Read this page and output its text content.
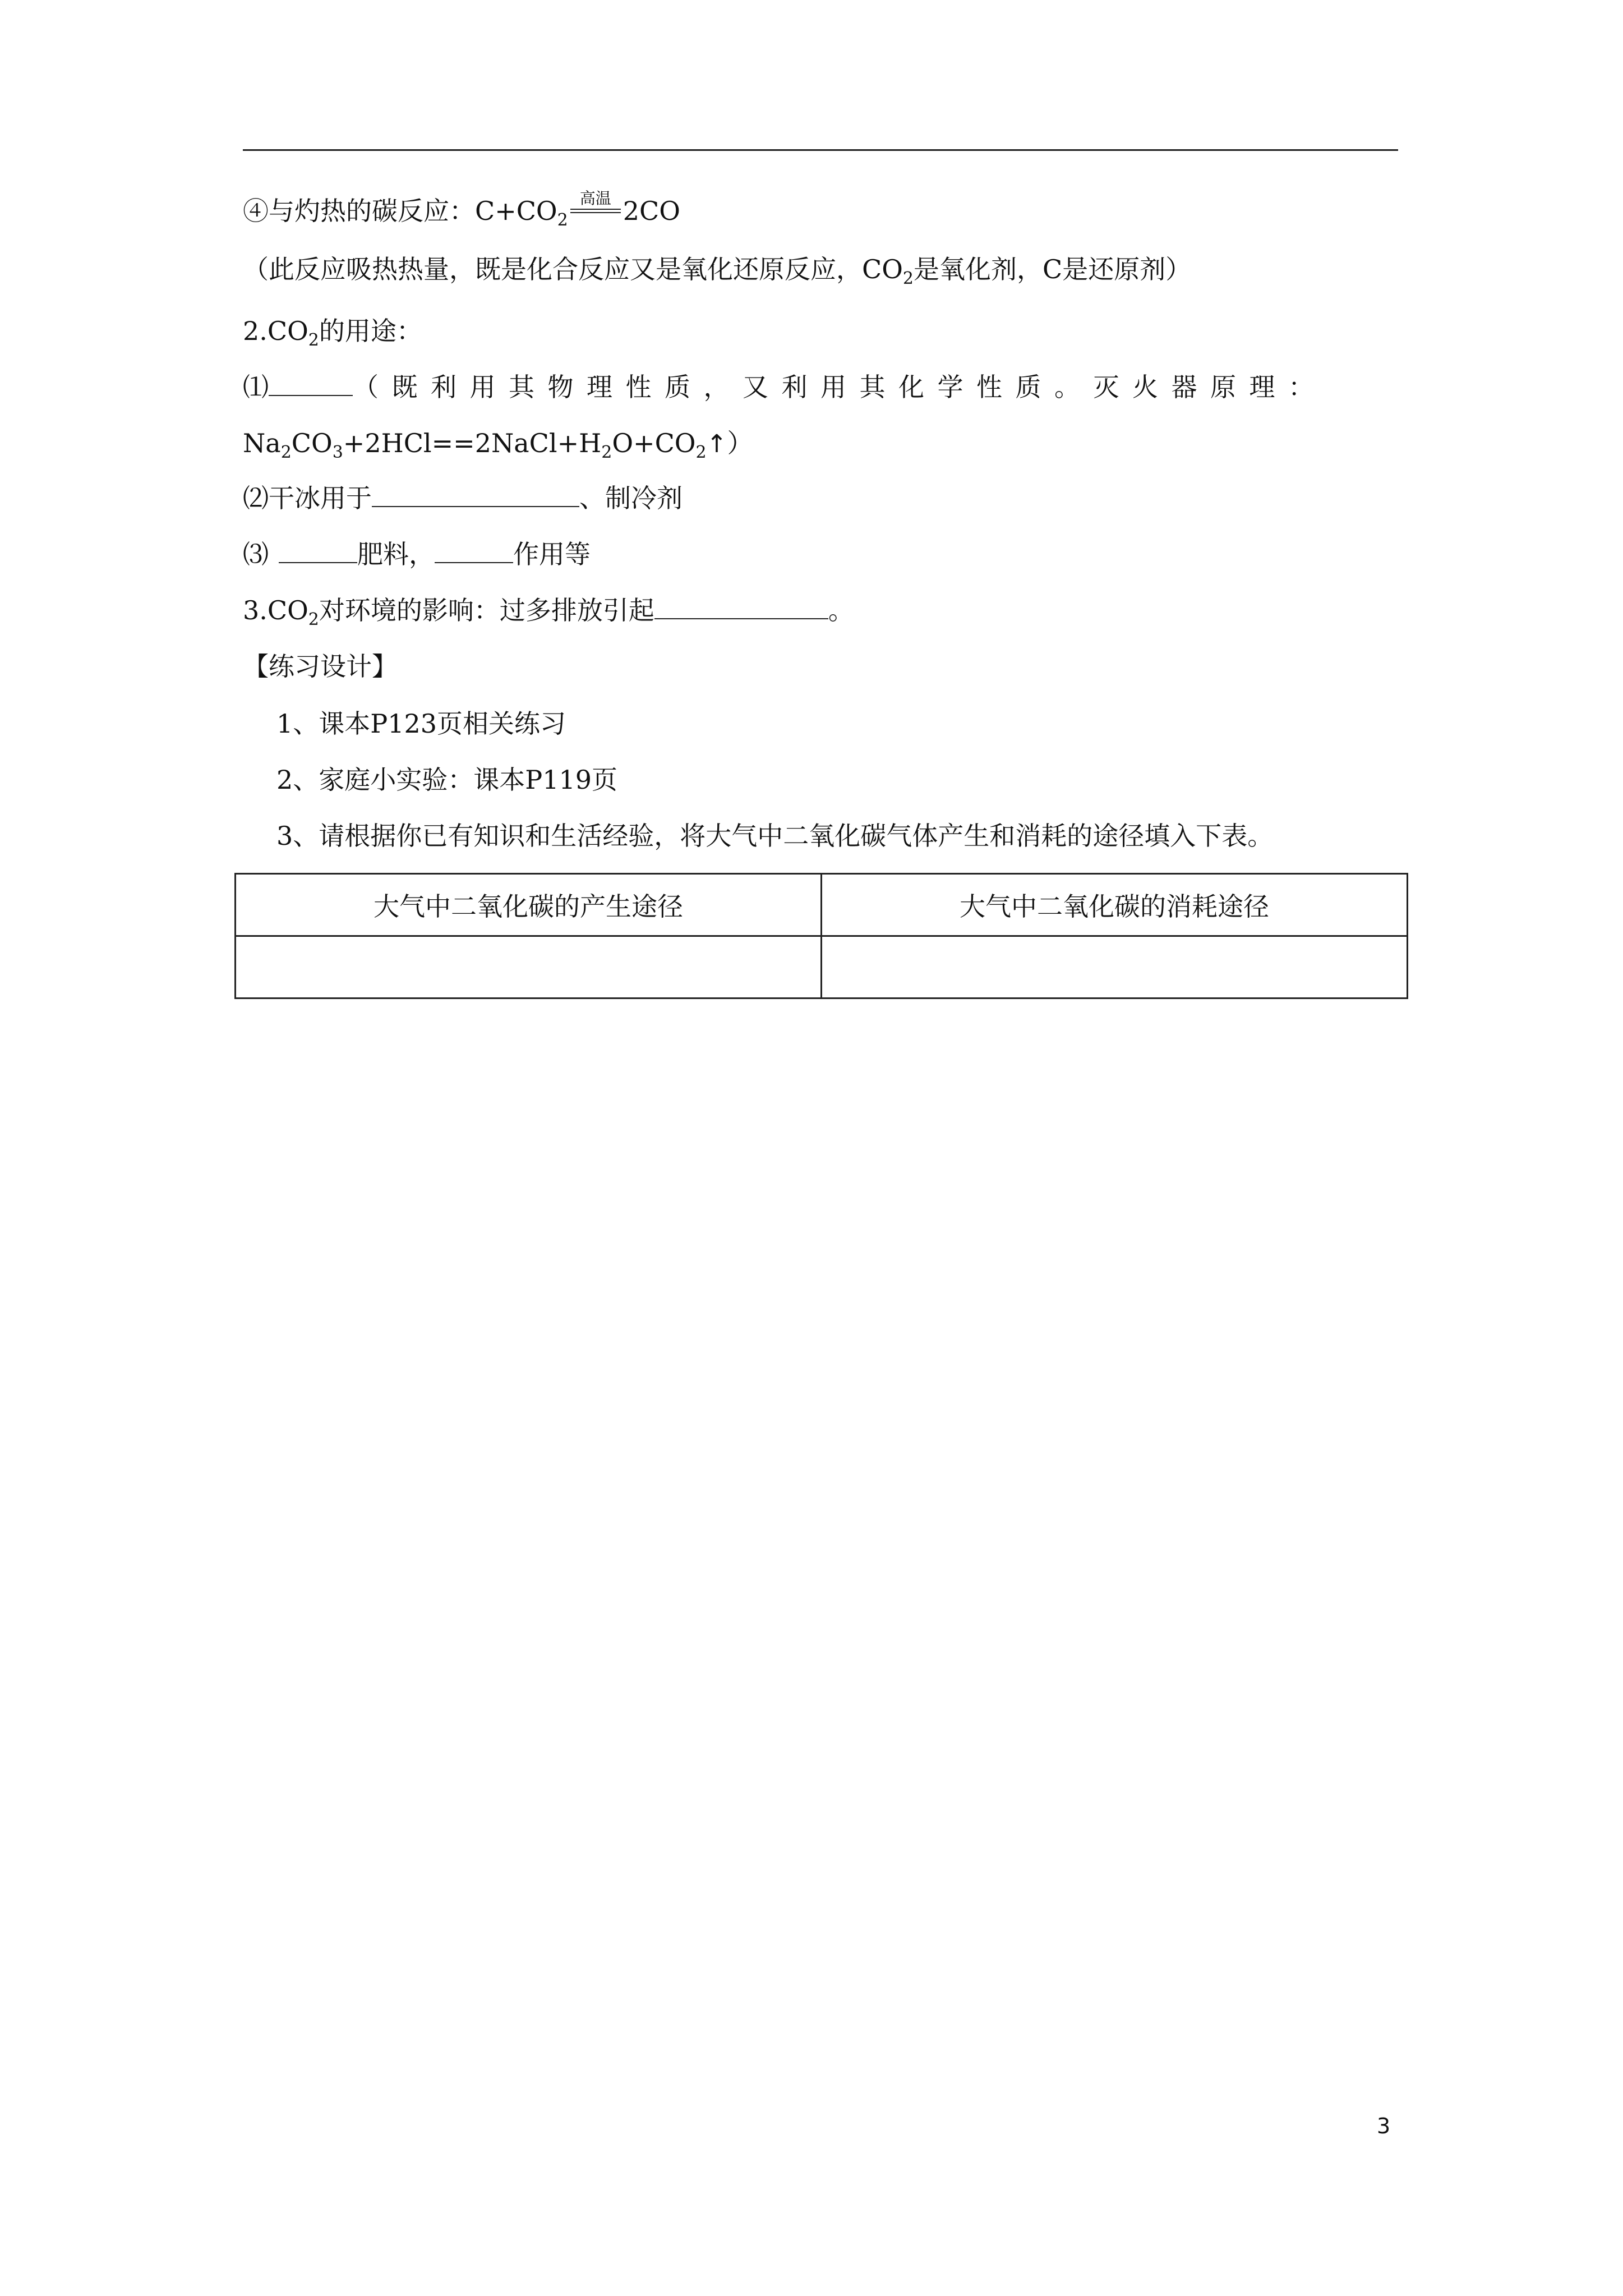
④与灼热的碳反应：$C+CO_2$
高温 2CO
（此反应吸热热量，既是化合反应又是氧化还原反应，$CO_2$是氧化剂，C是还原剂）
$2.CO_2$的用途：
⑴	（既利用其物理性质，又利用其化学性质。灭火器原理：
$Na_2CO_3+2HCl==2NaCl+H_2O+CO_2↑$）
⑵干冰用于	、制冷剂
⑶	肥料，	作用等
$3.CO_2$对环境的影响：过多排放引起	。
【练习设计】
1、课本P123页相关练习
2、家庭小实验：课本P119页
3、请根据你已有知识和生活经验，将大气中二氧化碳气体产生和消耗的途径填入下表。
大气中二氧化碳的产生途径	大气中二氧化碳的消耗途径

3
